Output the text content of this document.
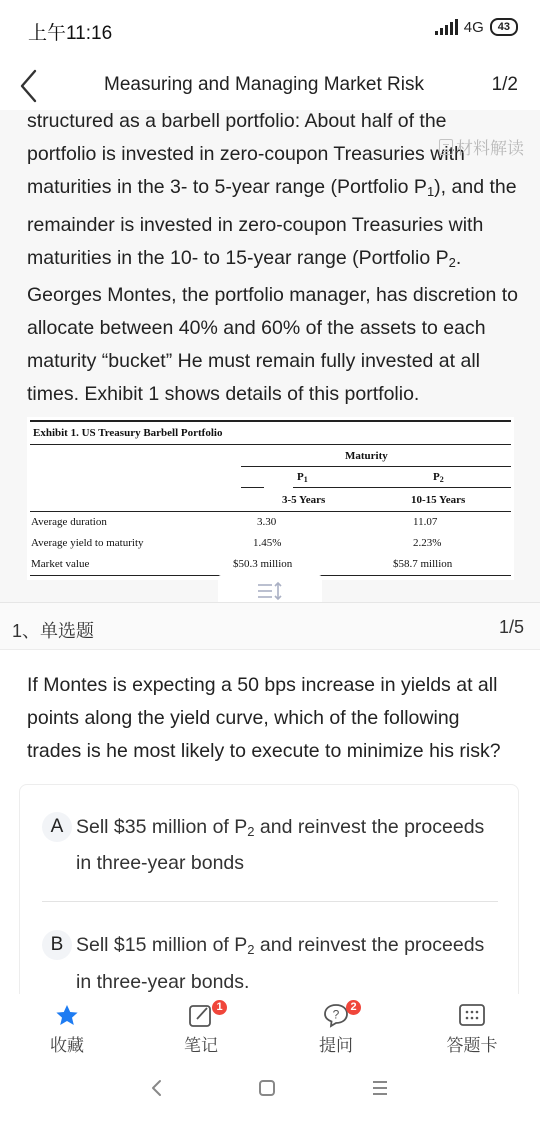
上午11:16	4G	43
Measuring and Managing Market Risk	1/2

structured as a barbell portfolio: About half of the

portfolio is invested in zero-coupon Treasuries with

maturities in the 3- to 5-year range (Portfolio $P_1$), and the

remainder is invested in zero-coupon Treasuries with

maturities in the 10- to 15-year range (Portfolio $P_2$.

Georges Montes, the portfolio manager, has discretion to

allocate between 40% and 60% of the assets to each

maturity “bucket” He must remain fully invested at all

times. Exhibit 1 shows details of this portfolio.

材料解读
Exhibit 1. US Treasury Barbell Portfolio
Maturity
P1	P2
3-5 Years	10-15 Years
Average duration	3.30	11.07
Average yield to maturity	1.45%	2.23%
Market value	$50.3 million	$58.7 million
1、单选题	1/5

If Montes is expecting a 50 bps increase in yields at all

points along the yield curve, which of the following

trades is he most likely to execute to minimize his risk?

A Sell $35 million of $P_2$ and reinvest the proceeds
in three-year bonds
B Sell $15 million of $P_2$ and reinvest the proceeds
in three-year bonds.
收藏
1
笔记
?
2
提问	答题卡
